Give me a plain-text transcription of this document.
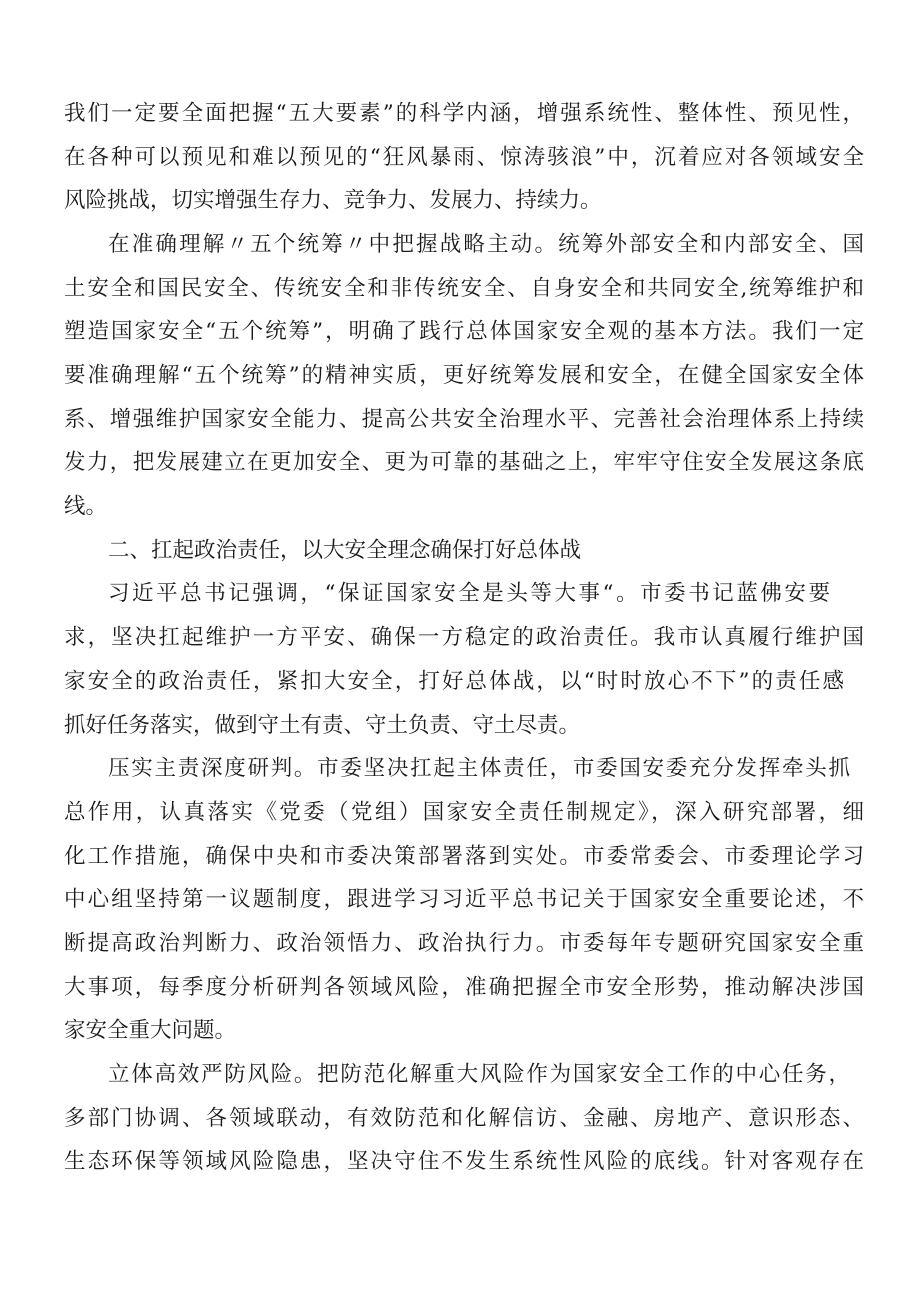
我们一定要全面把握“五大要素”的科学内涵，增强系统性、整体性、预见性，
在各种可以预见和难以预见的“狂风暴雨、惊涛骇浪”中，沉着应对各领域安全
风险挑战，切实增强生存力、竞争力、发展力、持续力。
在准确理解〃五个统筹〃中把握战略主动。统筹外部安全和内部安全、国
土安全和国民安全、传统安全和非传统安全、自身安全和共同安全,统筹维护和
塑造国家安全“五个统筹”，明确了践行总体国家安全观的基本方法。我们一定
要准确理解“五个统筹”的精神实质，更好统筹发展和安全，在健全国家安全体
系、增强维护国家安全能力、提高公共安全治理水平、完善社会治理体系上持续
发力，把发展建立在更加安全、更为可靠的基础之上，牢牢守住安全发展这条底
线。
二、扛起政治责任，以大安全理念确保打好总体战
习近平总书记强调，“保证国家安全是头等大事“。市委书记蓝佛安要
求，坚决扛起维护一方平安、确保一方稳定的政治责任。我市认真履行维护国
家安全的政治责任，紧扣大安全，打好总体战，以“时时放心不下”的责任感
抓好任务落实，做到守土有责、守土负责、守土尽责。
压实主责深度研判。市委坚决扛起主体责任，市委国安委充分发挥牵头抓
总作用，认真落实《党委（党组）国家安全责任制规定》，深入研究部署，细
化工作措施，确保中央和市委决策部署落到实处。市委常委会、市委理论学习
中心组坚持第一议题制度，跟进学习习近平总书记关于国家安全重要论述，不
断提高政治判断力、政治领悟力、政治执行力。市委每年专题研究国家安全重
大事项，每季度分析研判各领域风险，准确把握全市安全形势，推动解决涉国
家安全重大问题。
立体高效严防风险。把防范化解重大风险作为国家安全工作的中心任务，
多部门协调、各领域联动，有效防范和化解信访、金融、房地产、意识形态、
生态环保等领域风险隐患，坚决守住不发生系统性风险的底线。针对客观存在
